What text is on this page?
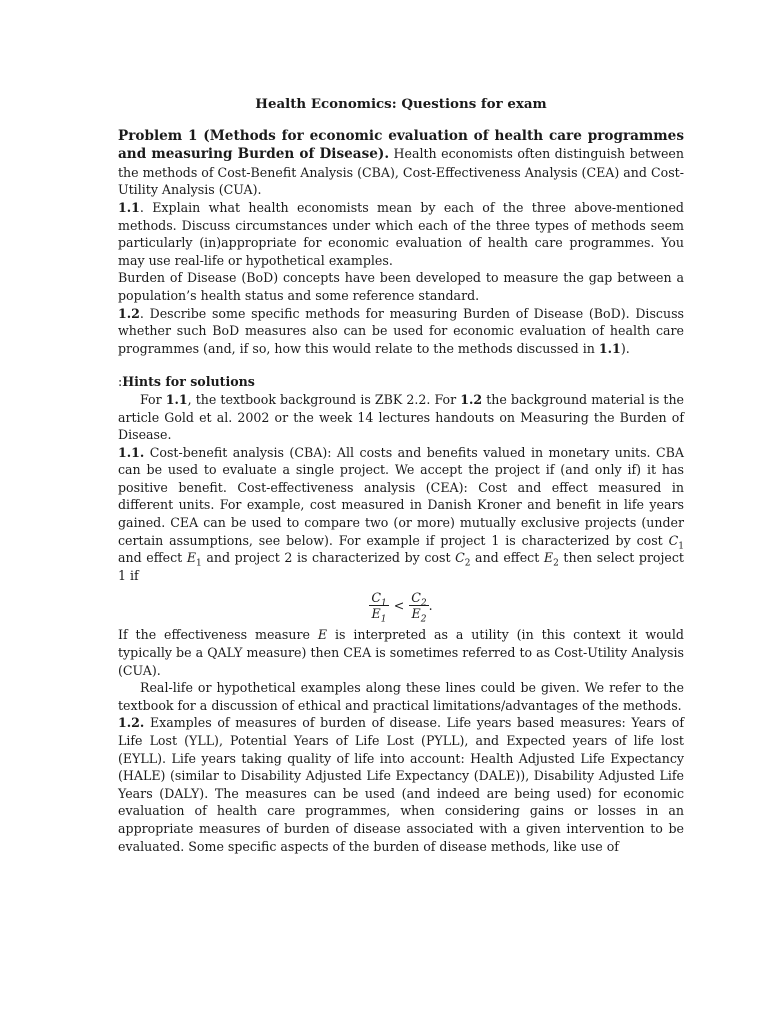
Health Economics: Questions for exam

Problem 1 (Methods for economic evaluation of health care programmes and measuring Burden of Disease). Health economists often distinguish between the methods of Cost-Benefit Analysis (CBA), Cost-Effectiveness Analysis (CEA) and Cost-Utility Analysis (CUA).

1.1. Explain what health economists mean by each of the three above-mentioned methods. Discuss circumstances under which each of the three types of methods seem particularly (in)appropriate for economic evaluation of health care programmes. You may use real-life or hypothetical examples.

Burden of Disease (BoD) concepts have been developed to measure the gap between a population’s health status and some reference standard.

1.2. Describe some specific methods for measuring Burden of Disease (BoD). Discuss whether such BoD measures also can be used for economic evaluation of health care programmes (and, if so, how this would relate to the methods discussed in 1.1).

:Hints for solutions

For 1.1, the textbook background is ZBK 2.2. For 1.2 the background material is the article Gold et al. 2002 or the week 14 lectures handouts on Measuring the Burden of Disease.

1.1. Cost-benefit analysis (CBA): All costs and benefits valued in monetary units. CBA can be used to evaluate a single project. We accept the project if (and only if) it has positive benefit. Cost-effectiveness analysis (CEA): Cost and effect measured in different units. For example, cost measured in Danish Kroner and benefit in life years gained. CEA can be used to compare two (or more) mutually exclusive projects (under certain assumptions, see below). For example if project 1 is characterized by cost $C_1$ and effect $E_1$ and project 2 is characterized by cost $C_2$ and effect $E_2$ then select project 1 if

$\frac{C_1}{E_1} < \frac{C_2}{E_2}$ .

If the effectiveness measure E is interpreted as a utility (in this context it would typically be a QALY measure) then CEA is sometimes referred to as Cost-Utility Analysis (CUA).

Real-life or hypothetical examples along these lines could be given. We refer to the textbook for a discussion of ethical and practical limitations/advantages of the methods.

1.2. Examples of measures of burden of disease. Life years based measures: Years of Life Lost (YLL), Potential Years of Life Lost (PYLL), and Expected years of life lost (EYLL). Life years taking quality of life into account: Health Adjusted Life Expectancy (HALE) (similar to Disability Adjusted Life Expectancy (DALE)), Disability Adjusted Life Years (DALY). The measures can be used (and indeed are being used) for economic evaluation of health care programmes, when considering gains or losses in an appropriate measures of burden of disease associated with a given intervention to be evaluated. Some specific aspects of the burden of disease methods, like use of
